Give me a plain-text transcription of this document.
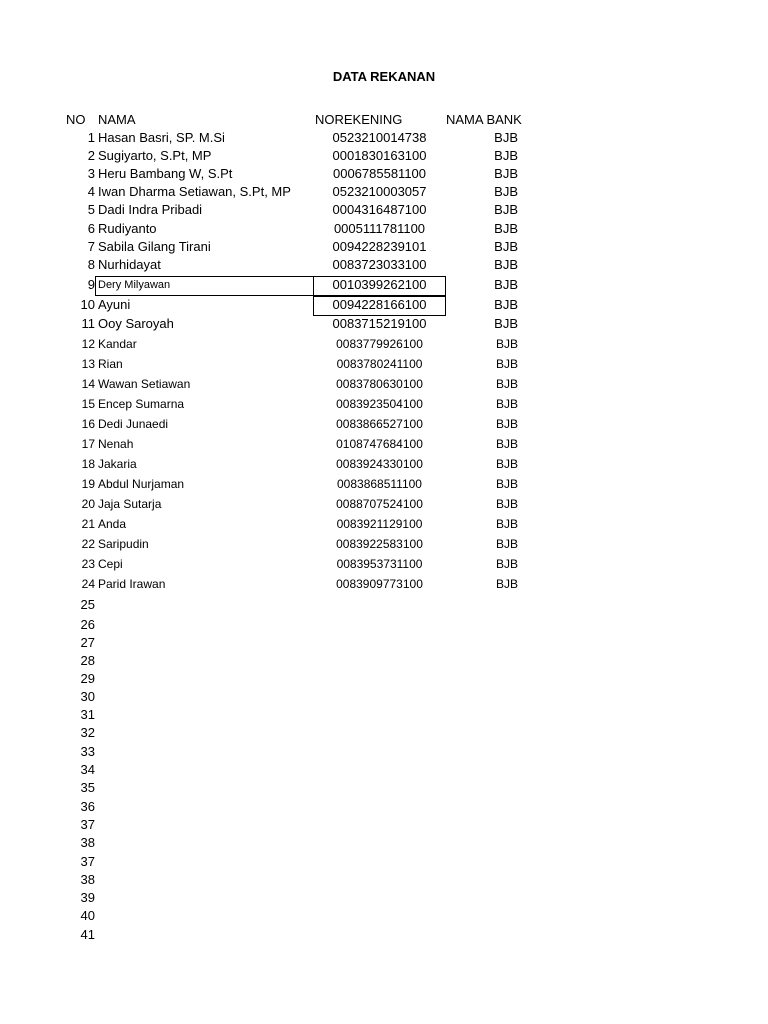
DATA REKANAN
NO NAMA	NOREKENING	NAMA BANK
1 Hasan Basri, SP. M.Si	0523210014738	BJB
2 Sugiyarto, S.Pt, MP	0001830163100	BJB
3 Heru Bambang W, S.Pt	0006785581100	BJB
4 Iwan Dharma Setiawan, S.Pt, MP	0523210003057	BJB
5 Dadi Indra Pribadi	0004316487100	BJB
6 Rudiyanto	0005111781100	BJB
7 Sabila Gilang Tirani	0094228239101	BJB
8 Nurhidayat	0083723033100	BJB
9 Dery Milyawan	0010399262100	BJB
10 Ayuni	0094228166100	BJB
11 Ooy Saroyah	0083715219100	BJB
12 Kandar	0083779926100	BJB
13 Rian	0083780241100	BJB
14 Wawan Setiawan	0083780630100	BJB
15 Encep Sumarna	0083923504100	BJB
16 Dedi Junaedi	0083866527100	BJB
17 Nenah	0108747684100	BJB
18 Jakaria	0083924330100	BJB
19 Abdul Nurjaman	0083868511100	BJB
20 Jaja Sutarja	0088707524100	BJB
21 Anda	0083921129100	BJB
22 Saripudin	0083922583100	BJB
23 Cepi	0083953731100	BJB
24 Parid Irawan	0083909773100	BJB
25
26
27
28
29
30
31
32
33
34
35
36
37
38
37
38
39
40
41
